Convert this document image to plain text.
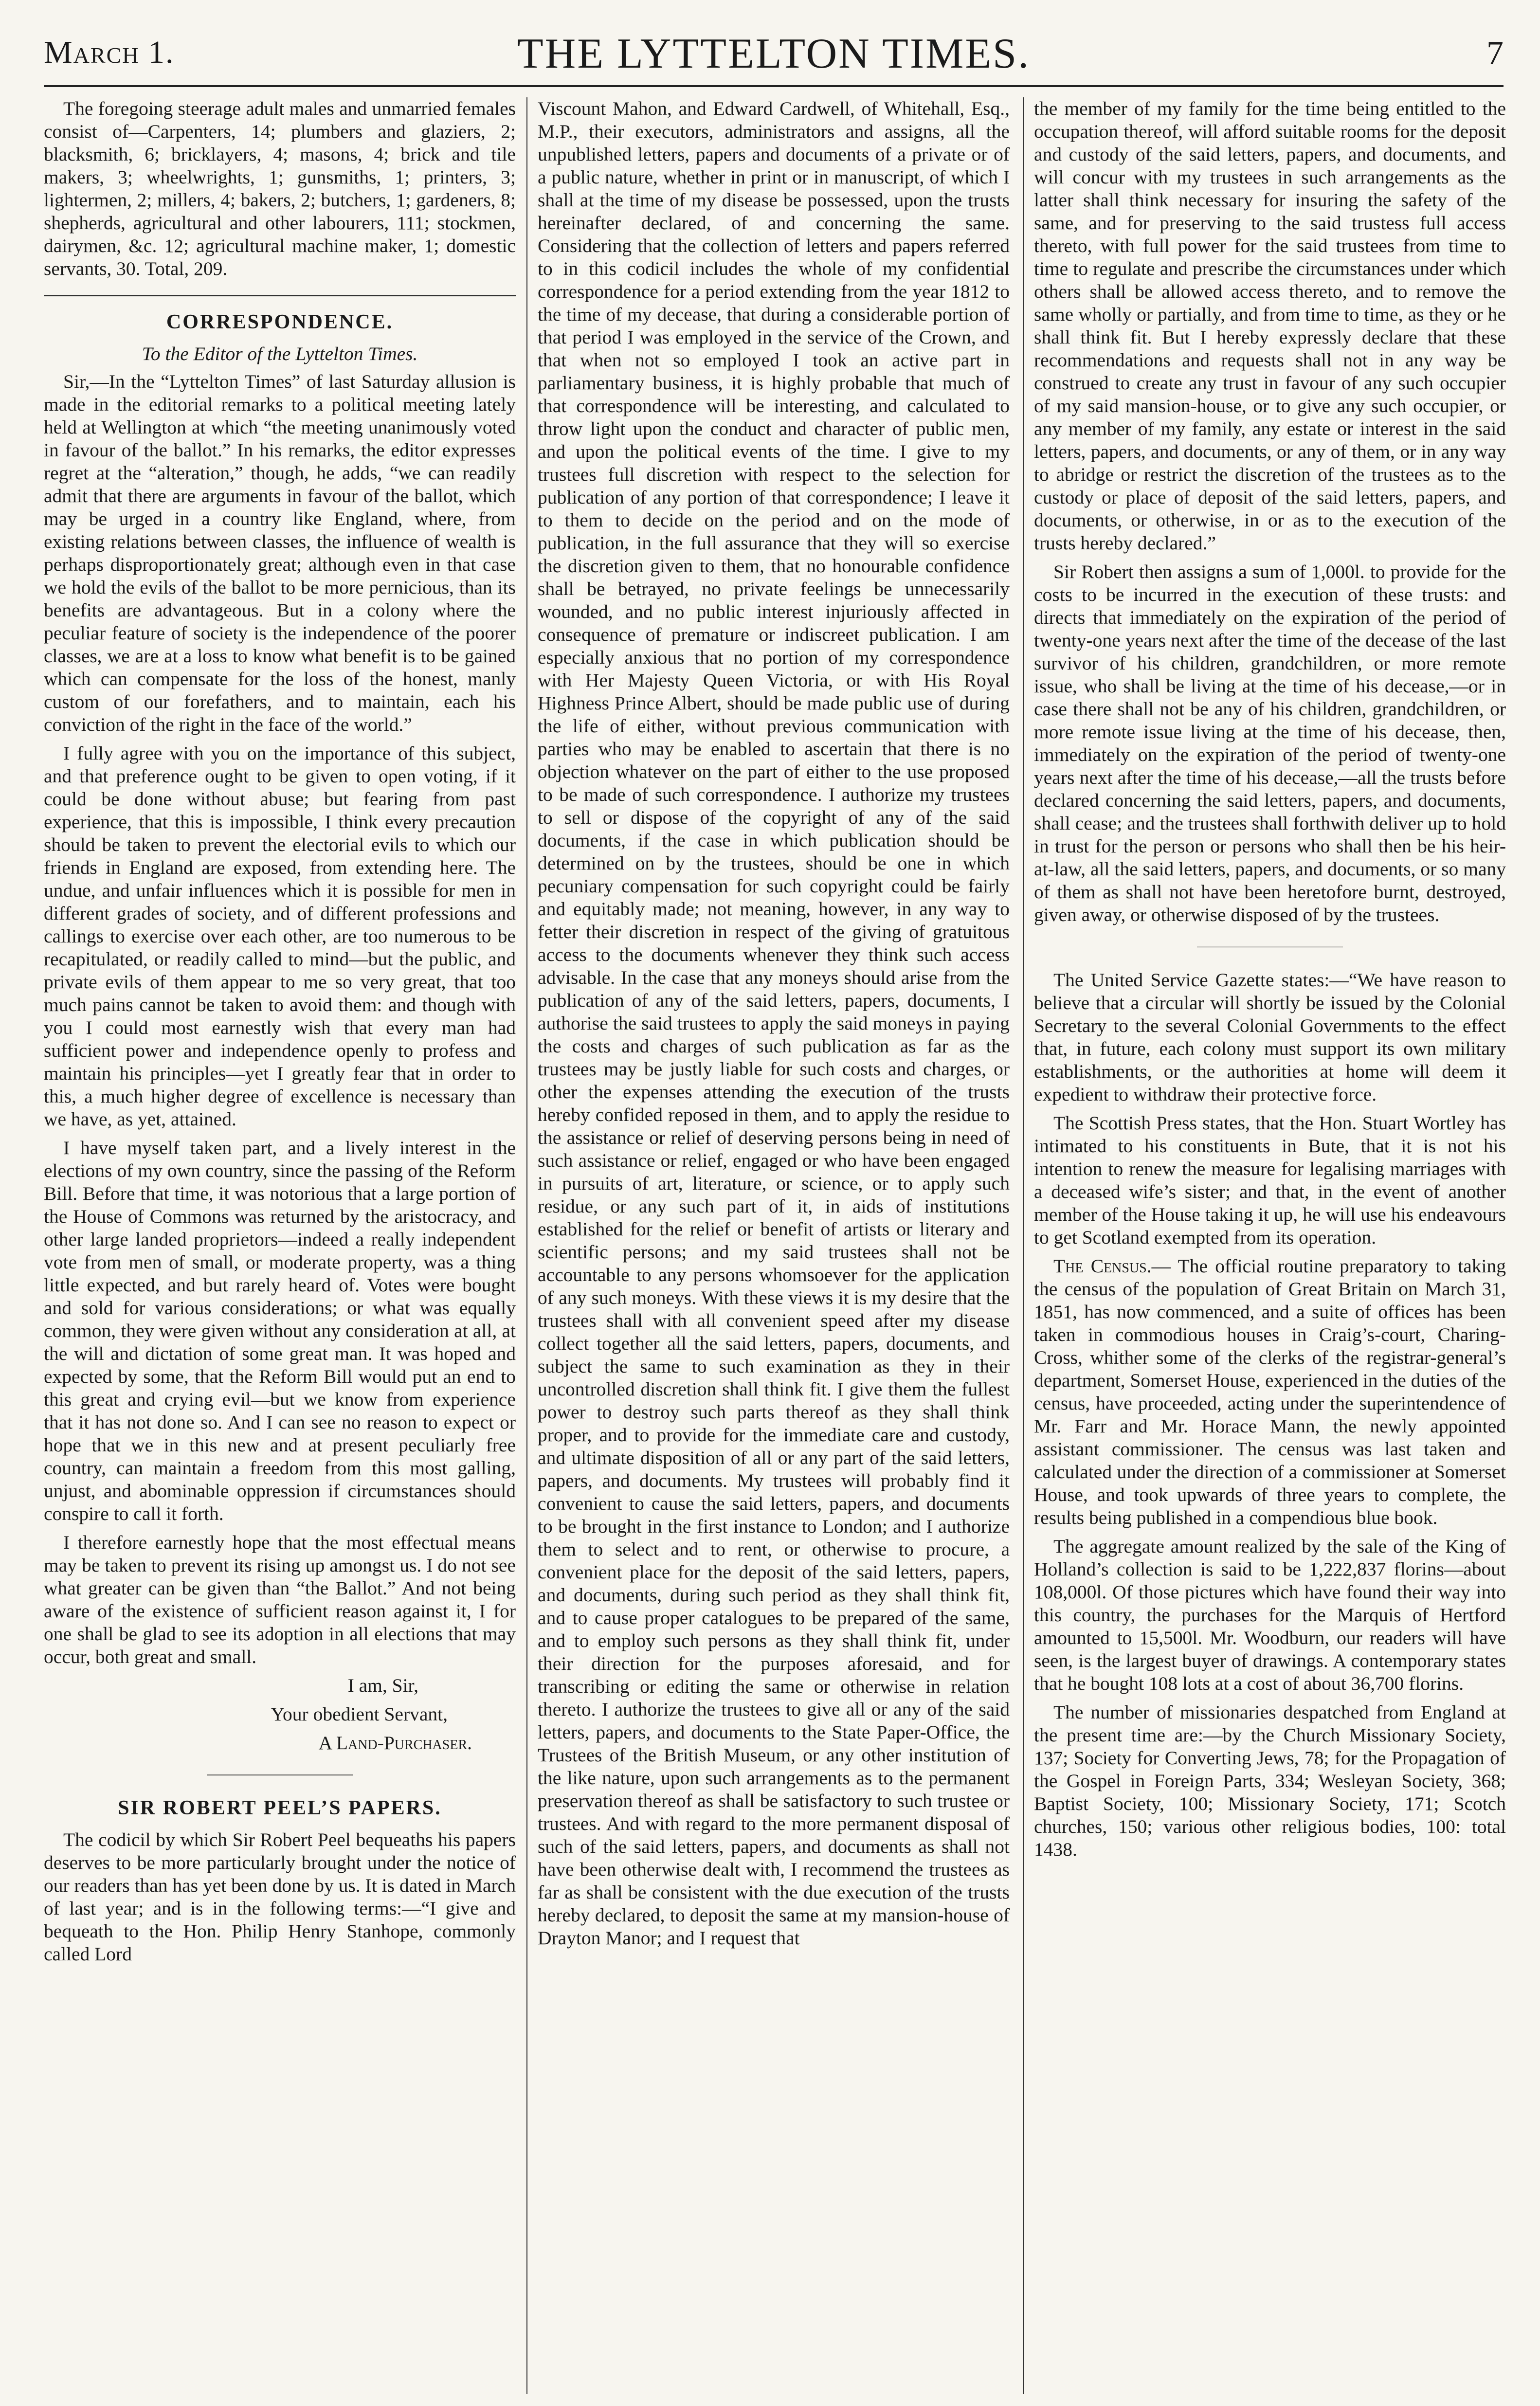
March 1.	THE LYTTELTON TIMES.	7

The foregoing steerage adult males and unmarried females consist of—Carpenters, 14; plumbers and glaziers, 2; blacksmith, 6; bricklayers, 4; masons, 4; brick and tile makers, 3; wheelwrights, 1; gunsmiths, 1; printers, 3; lightermen, 2; millers, 4; bakers, 2; butchers, 1; gardeners, 8; shepherds, agricultural and other labourers, 111; stockmen, dairymen, &c. 12; agricultural machine maker, 1; domestic servants, 30. Total, 209.

CORRESPONDENCE.
To the Editor of the Lyttelton Times.

Sir,—In the “Lyttelton Times” of last Saturday allusion is made in the editorial remarks to a political meeting lately held at Wellington at which “the meeting unanimously voted in favour of the ballot.” In his remarks, the editor expresses regret at the “alteration,” though, he adds, “we can readily admit that there are arguments in favour of the ballot, which may be urged in a country like England, where, from existing relations between classes, the influence of wealth is perhaps disproportionately great; although even in that case we hold the evils of the ballot to be more pernicious, than its benefits are advantageous. But in a colony where the peculiar feature of society is the independence of the poorer classes, we are at a loss to know what benefit is to be gained which can compensate for the loss of the honest, manly custom of our forefathers, and to maintain, each his conviction of the right in the face of the world.”

I fully agree with you on the importance of this subject, and that preference ought to be given to open voting, if it could be done without abuse; but fearing from past experience, that this is impossible, I think every precaution should be taken to prevent the electorial evils to which our friends in England are exposed, from extending here. The undue, and unfair influences which it is possible for men in different grades of society, and of different professions and callings to exercise over each other, are too numerous to be recapitulated, or readily called to mind—but the public, and private evils of them appear to me so very great, that too much pains cannot be taken to avoid them: and though with you I could most earnestly wish that every man had sufficient power and independence openly to profess and maintain his principles—yet I greatly fear that in order to this, a much higher degree of excellence is necessary than we have, as yet, attained.

I have myself taken part, and a lively interest in the elections of my own country, since the passing of the Reform Bill. Before that time, it was notorious that a large portion of the House of Commons was returned by the aristocracy, and other large landed proprietors—indeed a really independent vote from men of small, or moderate property, was a thing little expected, and but rarely heard of. Votes were bought and sold for various considerations; or what was equally common, they were given without any consideration at all, at the will and dictation of some great man. It was hoped and expected by some, that the Reform Bill would put an end to this great and crying evil—but we know from experience that it has not done so. And I can see no reason to expect or hope that we in this new and at present peculiarly free country, can maintain a freedom from this most galling, unjust, and abominable oppression if circumstances should conspire to call it forth.

I therefore earnestly hope that the most effectual means may be taken to prevent its rising up amongst us. I do not see what greater can be given than “the Ballot.” And not being aware of the existence of sufficient reason against it, I for one shall be glad to see its adoption in all elections that may occur, both great and small.

I am, Sir,

Your obedient Servant,

A Land-Purchaser.

SIR ROBERT PEEL’S PAPERS.

The codicil by which Sir Robert Peel bequeaths his papers deserves to be more particularly brought under the notice of our readers than has yet been done by us. It is dated in March of last year; and is in the following terms:—“I give and bequeath to the Hon. Philip Henry Stanhope, commonly called Lord

Viscount Mahon, and Edward Cardwell, of Whitehall, Esq., M.P., their executors, administrators and assigns, all the unpublished letters, papers and documents of a private or of a public nature, whether in print or in manuscript, of which I shall at the time of my disease be possessed, upon the trusts hereinafter declared, of and concerning the same. Considering that the collection of letters and papers referred to in this codicil includes the whole of my confidential correspondence for a period extending from the year 1812 to the time of my decease, that during a considerable portion of that period I was employed in the service of the Crown, and that when not so employed I took an active part in parliamentary business, it is highly probable that much of that correspondence will be interesting, and calculated to throw light upon the conduct and character of public men, and upon the political events of the time. I give to my trustees full discretion with respect to the selection for publication of any portion of that correspondence; I leave it to them to decide on the period and on the mode of publication, in the full assurance that they will so exercise the discretion given to them, that no honourable confidence shall be betrayed, no private feelings be unnecessarily wounded, and no public interest injuriously affected in consequence of premature or indiscreet publication. I am especially anxious that no portion of my correspondence with Her Majesty Queen Victoria, or with His Royal Highness Prince Albert, should be made public use of during the life of either, without previous communication with parties who may be enabled to ascertain that there is no objection whatever on the part of either to the use proposed to be made of such correspondence. I authorize my trustees to sell or dispose of the copyright of any of the said documents, if the case in which publication should be determined on by the trustees, should be one in which pecuniary compensation for such copyright could be fairly and equitably made; not meaning, however, in any way to fetter their discretion in respect of the giving of gratuitous access to the documents whenever they think such access advisable. In the case that any moneys should arise from the publication of any of the said letters, papers, documents, I authorise the said trustees to apply the said moneys in paying the costs and charges of such publication as far as the trustees may be justly liable for such costs and charges, or other the expenses attending the execution of the trusts hereby confided reposed in them, and to apply the residue to the assistance or relief of deserving persons being in need of such assistance or relief, engaged or who have been engaged in pursuits of art, literature, or science, or to apply such residue, or any such part of it, in aids of institutions established for the relief or benefit of artists or literary and scientific persons; and my said trustees shall not be accountable to any persons whomsoever for the application of any such moneys. With these views it is my desire that the trustees shall with all convenient speed after my disease collect together all the said letters, papers, documents, and subject the same to such examination as they in their uncontrolled discretion shall think fit. I give them the fullest power to destroy such parts thereof as they shall think proper, and to provide for the immediate care and custody, and ultimate disposition of all or any part of the said letters, papers, and documents. My trustees will probably find it convenient to cause the said letters, papers, and documents to be brought in the first instance to London; and I authorize them to select and to rent, or otherwise to procure, a convenient place for the deposit of the said letters, papers, and documents, during such period as they shall think fit, and to cause proper catalogues to be prepared of the same, and to employ such persons as they shall think fit, under their direction for the purposes aforesaid, and for transcribing or editing the same or otherwise in relation thereto. I authorize the trustees to give all or any of the said letters, papers, and documents to the State Paper-Office, the Trustees of the British Museum, or any other institution of the like nature, upon such arrangements as to the permanent preservation thereof as shall be satisfactory to such trustee or trustees. And with regard to the more permanent disposal of such of the said letters, papers, and documents as shall not have been otherwise dealt with, I recommend the trustees as far as shall be consistent with the due execution of the trusts hereby declared, to deposit the same at my mansion-house of Drayton Manor; and I request that

the member of my family for the time being entitled to the occupation thereof, will afford suitable rooms for the deposit and custody of the said letters, papers, and documents, and will concur with my trustees in such arrangements as the latter shall think necessary for insuring the safety of the same, and for preserving to the said trustess full access thereto, with full power for the said trustees from time to time to regulate and prescribe the circumstances under which others shall be allowed access thereto, and to remove the same wholly or partially, and from time to time, as they or he shall think fit. But I hereby expressly declare that these recommendations and requests shall not in any way be construed to create any trust in favour of any such occupier of my said mansion-house, or to give any such occupier, or any member of my family, any estate or interest in the said letters, papers, and documents, or any of them, or in any way to abridge or restrict the discretion of the trustees as to the custody or place of deposit of the said letters, papers, and documents, or otherwise, in or as to the execution of the trusts hereby declared.”

Sir Robert then assigns a sum of 1,000l. to provide for the costs to be incurred in the execution of these trusts: and directs that immediately on the expiration of the period of twenty-one years next after the time of the decease of the last survivor of his children, grandchildren, or more remote issue, who shall be living at the time of his decease,—or in case there shall not be any of his children, grandchildren, or more remote issue living at the time of his decease, then, immediately on the expiration of the period of twenty-one years next after the time of his decease,—all the trusts before declared concerning the said letters, papers, and documents, shall cease; and the trustees shall forthwith deliver up to hold in trust for the person or persons who shall then be his heir-at-law, all the said letters, papers, and documents, or so many of them as shall not have been heretofore burnt, destroyed, given away, or otherwise disposed of by the trustees.

The United Service Gazette states:—“We have reason to believe that a circular will shortly be issued by the Colonial Secretary to the several Colonial Governments to the effect that, in future, each colony must support its own military establishments, or the authorities at home will deem it expedient to withdraw their protective force.

The Scottish Press states, that the Hon. Stuart Wortley has intimated to his constituents in Bute, that it is not his intention to renew the measure for legalising marriages with a deceased wife’s sister; and that, in the event of another member of the House taking it up, he will use his endeavours to get Scotland exempted from its operation.

The Census.— The official routine preparatory to taking the census of the population of Great Britain on March 31, 1851, has now commenced, and a suite of offices has been taken in commodious houses in Craig’s-court, Charing-Cross, whither some of the clerks of the registrar-general’s department, Somerset House, experienced in the duties of the census, have proceeded, acting under the superintendence of Mr. Farr and Mr. Horace Mann, the newly appointed assistant commissioner. The census was last taken and calculated under the direction of a commissioner at Somerset House, and took upwards of three years to complete, the results being published in a compendious blue book.

The aggregate amount realized by the sale of the King of Holland’s collection is said to be 1,222,837 florins—about 108,000l. Of those pictures which have found their way into this country, the purchases for the Marquis of Hertford amounted to 15,500l. Mr. Woodburn, our readers will have seen, is the largest buyer of drawings. A contemporary states that he bought 108 lots at a cost of about 36,700 florins.

The number of missionaries despatched from England at the present time are:—by the Church Missionary Society, 137; Society for Converting Jews, 78; for the Propagation of the Gospel in Foreign Parts, 334; Wesleyan Society, 368; Baptist Society, 100; Missionary Society, 171; Scotch churches, 150; various other religious bodies, 100: total 1438.
